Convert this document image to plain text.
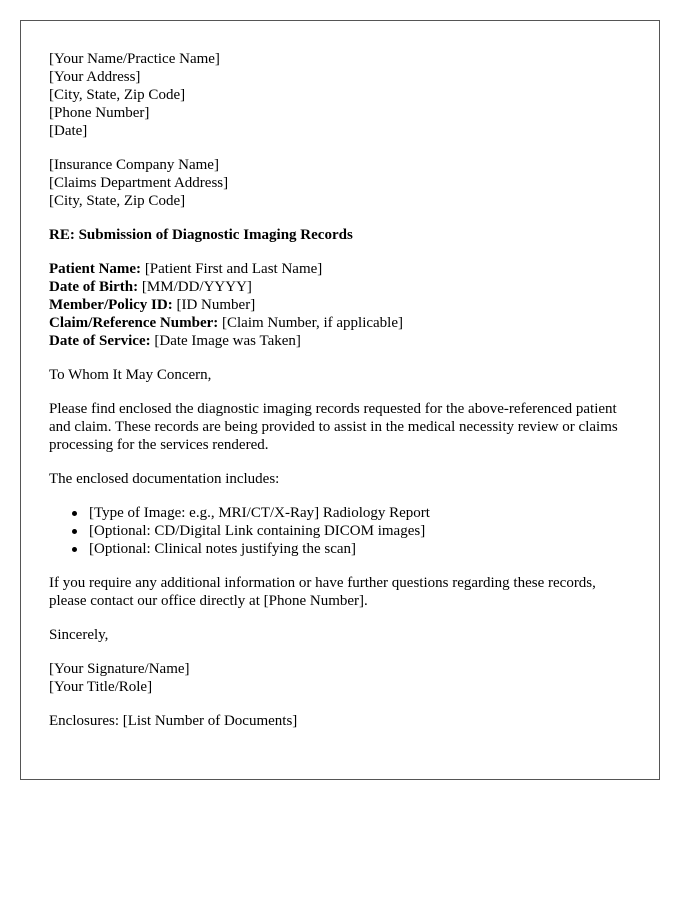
[Your Name/Practice Name]
[Your Address]
[City, State, Zip Code]
[Phone Number]
[Date]
[Insurance Company Name]
[Claims Department Address]
[City, State, Zip Code]
RE: Submission of Diagnostic Imaging Records
Patient Name: [Patient First and Last Name]
Date of Birth: [MM/DD/YYYY]
Member/Policy ID: [ID Number]
Claim/Reference Number: [Claim Number, if applicable]
Date of Service: [Date Image was Taken]

To Whom It May Concern,

Please find enclosed the diagnostic imaging records requested for the above-referenced patient and claim. These records are being provided to assist in the medical necessity review or claims processing for the services rendered.

The enclosed documentation includes:

[Type of Image: e.g., MRI/CT/X-Ray] Radiology Report
[Optional: CD/Digital Link containing DICOM images]
[Optional: Clinical notes justifying the scan]

If you require any additional information or have further questions regarding these records, please contact our office directly at [Phone Number].

Sincerely,

[Your Signature/Name]
[Your Title/Role]

Enclosures: [List Number of Documents]
